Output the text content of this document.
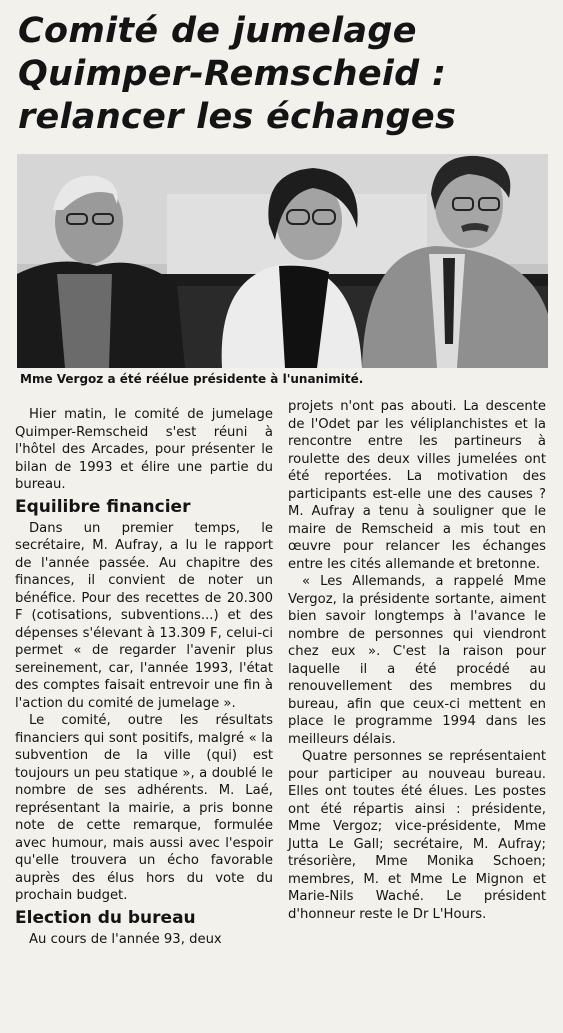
Comité de jumelage
Quimper-Remscheid :
relancer les échanges
Mme Vergoz a été réélue présidente à l'unanimité.

Hier matin, le comité de jumelage Quimper-Remscheid s'est réuni à l'hôtel des Arcades, pour présenter le bilan de 1993 et élire une partie du bureau.

Equilibre financier

Dans un premier temps, le secrétaire, M. Aufray, a lu le rapport de l'année passée. Au chapitre des finances, il convient de noter un bénéfice. Pour des recettes de 20.300 F (cotisations, subventions...) et des dépenses s'élevant à 13.309 F, celui-ci permet « de regarder l'avenir plus sereinement, car, l'année 1993, l'état des comptes faisait entrevoir une fin à l'action du comité de jumelage ».

Le comité, outre les résultats financiers qui sont positifs, malgré « la subvention de la ville (qui) est toujours un peu statique », a doublé le nombre de ses adhérents. M. Laé, représentant la mairie, a pris bonne note de cette remarque, formulée avec humour, mais aussi avec l'espoir qu'elle trouvera un écho favorable auprès des élus hors du vote du prochain budget.

Election du bureau

Au cours de l'année 93, deux

projets n'ont pas abouti. La descente de l'Odet par les véliplanchistes et la rencontre entre les partineurs à roulette des deux villes jumelées ont été reportées. La motivation des participants est-elle une des causes ? M. Aufray a tenu à souligner que le maire de Remscheid a mis tout en œuvre pour relancer les échanges entre les cités allemande et bretonne.

« Les Allemands, a rappelé Mme Vergoz, la présidente sortante, aiment bien savoir longtemps à l'avance le nombre de personnes qui viendront chez eux ». C'est la raison pour laquelle il a été procédé au renouvellement des membres du bureau, afin que ceux-ci mettent en place le programme 1994 dans les meilleurs délais.

Quatre personnes se représentaient pour participer au nouveau bureau. Elles ont toutes été élues. Les postes ont été répartis ainsi : présidente, Mme Vergoz; vice-présidente, Mme Jutta Le Gall; secrétaire, M. Aufray; trésorière, Mme Monika Schoen; membres, M. et Mme Le Mignon et Marie-Nils Waché. Le président d'honneur reste le Dr L'Hours.
